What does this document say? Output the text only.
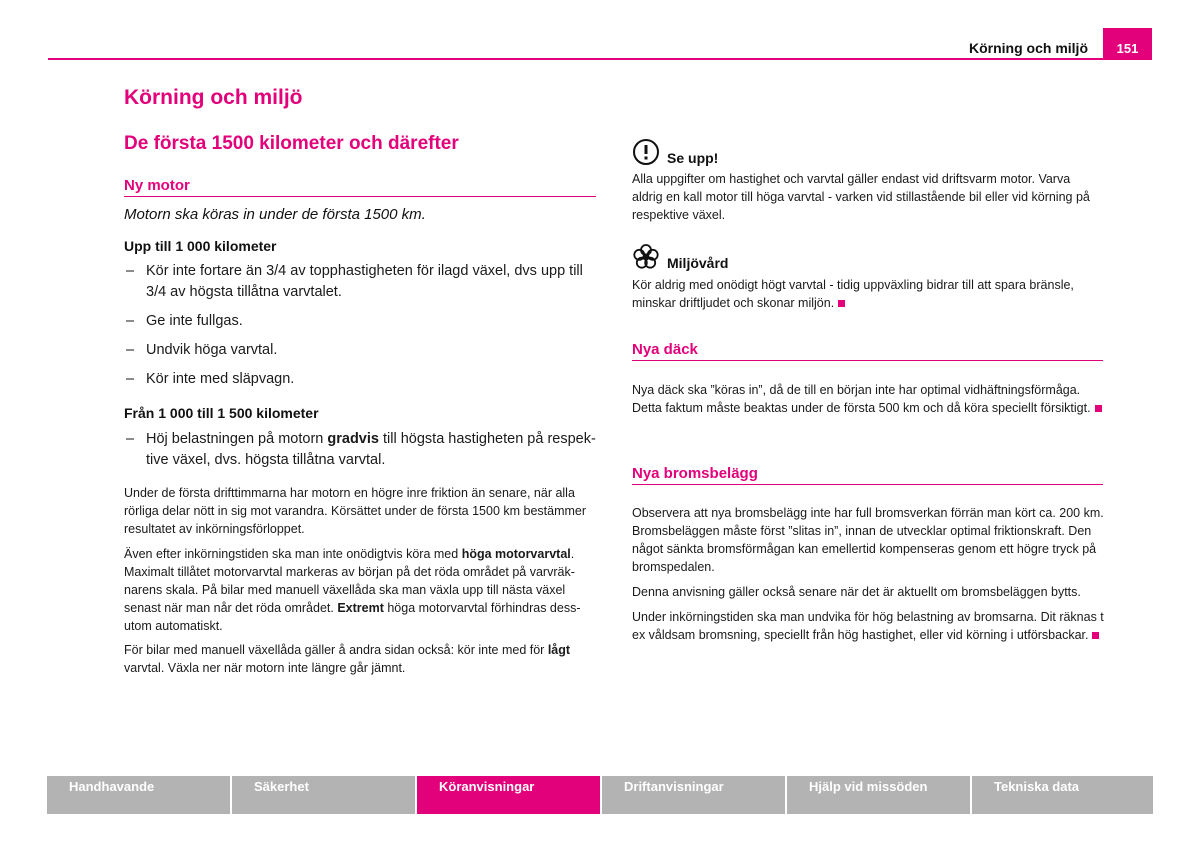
Körning och miljö	151
Körning och miljö
De första 1500 kilometer och därefter
Ny motor
Motorn ska köras in under de första 1500 km.
Upp till 1 000 kilometer
– Kör inte fortare än 3/4 av topphastigheten för ilagd växel, dvs upp till 3/4 av högsta tillåtna varvtalet.
– Ge inte fullgas.
– Undvik höga varvtal.
– Kör inte med släpvagn.
Från 1 000 till 1 500 kilometer
– Höj belastningen på motorn gradvis till högsta hastigheten på respek- tive växel, dvs. högsta tillåtna varvtal.

Under de första drifttimmarna har motorn en högre inre friktion än senare, när alla rörliga delar nött in sig mot varandra. Körsättet under de första 1500 km bestämmer resultatet av inkörningsförloppet.

Även efter inkörningstiden ska man inte onödigtvis köra med höga motorvarvtal. Maximalt tillåtet motorvarvtal markeras av början på det röda området på varvräk- narens skala. På bilar med manuell växellåda ska man växla upp till nästa växel senast när man når det röda området. Extremt höga motorvarvtal förhindras dess- utom automatiskt.

För bilar med manuell växellåda gäller å andra sidan också: kör inte med för lågt varvtal. Växla ner när motorn inte längre går jämnt.

Se upp!

Alla uppgifter om hastighet och varvtal gäller endast vid driftsvarm motor. Varva aldrig en kall motor till höga varvtal - varken vid stillastående bil eller vid körning på respektive växel.

Miljövård

Kör aldrig med onödigt högt varvtal - tidig uppväxling bidrar till att spara bränsle, minskar driftljudet och skonar miljön.

Nya däck

Nya däck ska ”köras in”, då de till en början inte har optimal vidhäftningsförmåga. Detta faktum måste beaktas under de första 500 km och då köra speciellt försiktigt.

Nya bromsbelägg

Observera att nya bromsbelägg inte har full bromsverkan förrän man kört ca. 200 km. Bromsbeläggen måste först ”slitas in”, innan de utvecklar optimal friktionskraft. Den något sänkta bromsförmågan kan emellertid kompenseras genom ett högre tryck på bromspedalen.

Denna anvisning gäller också senare när det är aktuellt om bromsbeläggen bytts.

Under inkörningstiden ska man undvika för hög belastning av bromsarna. Dit räknas t ex våldsam bromsning, speciellt från hög hastighet, eller vid körning i utförsbackar.

Handhavande	Säkerhet	Köranvisningar	Driftanvisningar	Hjälp vid missöden	Tekniska data
